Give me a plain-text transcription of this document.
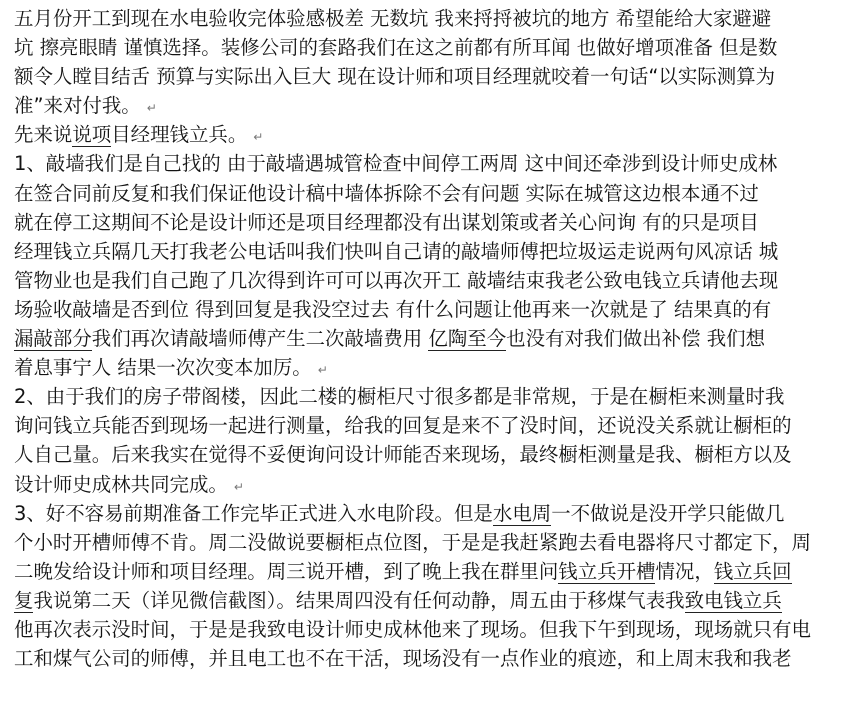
五月份开工到现在水电验收完体验感极差 无数坑 我来捋捋被坑的地方 希望能给大家避避
坑 擦亮眼睛 谨慎选择。装修公司的套路我们在这之前都有所耳闻 也做好增项准备 但是数
额令人瞠目结舌 预算与实际出入巨大 现在设计师和项目经理就咬着一句话“以实际测算为
准”来对付我。 ↵
先来说说项目经理钱立兵。 ↵
1、敲墙我们是自己找的 由于敲墙遇城管检查中间停工两周 这中间还牵涉到设计师史成林
在签合同前反复和我们保证他设计稿中墙体拆除不会有问题 实际在城管这边根本通不过
就在停工这期间不论是设计师还是项目经理都没有出谋划策或者关心问询 有的只是项目
经理钱立兵隔几天打我老公电话叫我们快叫自己请的敲墙师傅把垃圾运走说两句风凉话 城
管物业也是我们自己跑了几次得到许可可以再次开工 敲墙结束我老公致电钱立兵请他去现
场验收敲墙是否到位 得到回复是我没空过去 有什么问题让他再来一次就是了 结果真的有
漏敲部分我们再次请敲墙师傅产生二次敲墙费用 亿陶至今也没有对我们做出补偿 我们想
着息事宁人 结果一次次变本加厉。 ↵
2、由于我们的房子带阁楼，因此二楼的橱柜尺寸很多都是非常规，于是在橱柜来测量时我
询问钱立兵能否到现场一起进行测量，给我的回复是来不了没时间，还说没关系就让橱柜的
人自己量。后来我实在觉得不妥便询问设计师能否来现场，最终橱柜测量是我、橱柜方以及
设计师史成林共同完成。 ↵
3、好不容易前期准备工作完毕正式进入水电阶段。但是水电周一不做说是没开学只能做几
个小时开槽师傅不肯。周二没做说要橱柜点位图，于是是我赶紧跑去看电器将尺寸都定下，周
二晚发给设计师和项目经理。周三说开槽，到了晚上我在群里问钱立兵开槽情况，钱立兵回
复我说第二天（详见微信截图）。结果周四没有任何动静，周五由于移煤气表我致电钱立兵
他再次表示没时间，于是是我致电设计师史成林他来了现场。但我下午到现场，现场就只有电
工和煤气公司的师傅，并且电工也不在干活，现场没有一点作业的痕迹，和上周末我和我老
